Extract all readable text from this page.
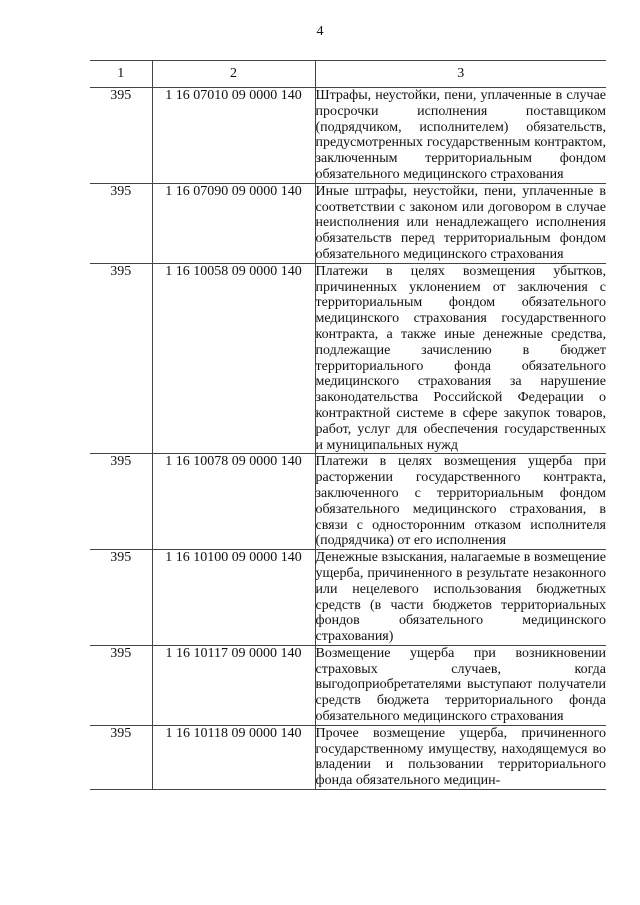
4
1	2	3
395	1 16 07010 09 0000 140	Штрафы, неустойки, пени, уплаченные в случае просрочки исполнения поставщиком (подрядчиком, исполнителем) обязательств, предусмотренных государственным контрактом, заключенным территориальным фондом обязательного медицинского страхования
395	1 16 07090 09 0000 140	Иные штрафы, неустойки, пени, уплаченные в соответствии с законом или договором в случае неисполнения или ненадлежащего исполнения обязательств перед территориальным фондом обязательного медицинского страхования
395	1 16 10058 09 0000 140	Платежи в целях возмещения убытков, причиненных уклонением от заключения с территориальным фондом обязательного медицинского страхования государственного контракта, а также иные денежные средства, подлежащие зачислению в бюджет территориального фонда обязательного медицинского страхования за нарушение законодательства Российской Федерации о контрактной системе в сфере закупок товаров, работ, услуг для обеспечения государственных и муниципальных нужд
395	1 16 10078 09 0000 140	Платежи в целях возмещения ущерба при расторжении государственного контракта, заключенного с территориальным фондом обязательного медицинского страхования, в связи с односторонним отказом исполнителя (подрядчика) от его исполнения
395	1 16 10100 09 0000 140	Денежные взыскания, налагаемые в возмещение ущерба, причиненного в результате незаконного или нецелевого использования бюджетных средств (в части бюджетов территориальных фондов обязательного медицинского страхования)
395	1 16 10117 09 0000 140	Возмещение ущерба при возникновении страховых случаев, когда выгодоприобретателями выступают получатели средств бюджета территориального фонда обязательного медицинского страхования
395	1 16 10118 09 0000 140	Прочее возмещение ущерба, причиненного государственному имуществу, находящемуся во владении и пользовании территориального фонда обязательного медицин-
